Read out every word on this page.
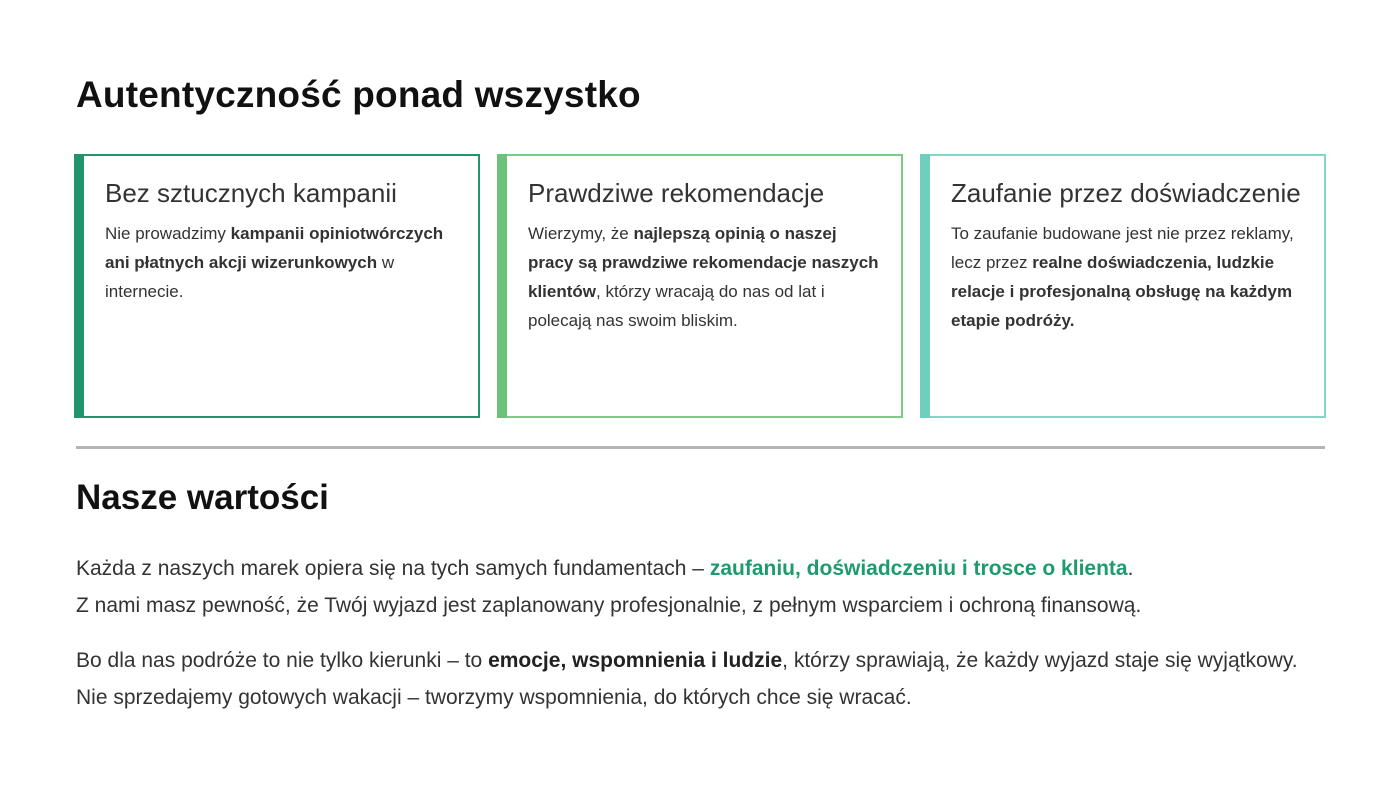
Autentyczność ponad wszystko
Bez sztucznych kampanii

Nie prowadzimy kampanii opiniotwórczych ani płatnych akcji wizerunkowych w internecie.

Prawdziwe rekomendacje

Wierzymy, że najlepszą opinią o naszej pracy są prawdziwe rekomendacje naszych klientów, którzy wracają do nas od lat i polecają nas swoim bliskim.

Zaufanie przez doświadczenie

To zaufanie budowane jest nie przez reklamy, lecz przez realne doświadczenia, ludzkie relacje i profesjonalną obsługę na każdym etapie podróży.

Nasze wartości

Każda z naszych marek opiera się na tych samych fundamentach – zaufaniu, doświadczeniu i trosce o klienta.
Z nami masz pewność, że Twój wyjazd jest zaplanowany profesjonalnie, z pełnym wsparciem i ochroną finansową.

Bo dla nas podróże to nie tylko kierunki – to emocje, wspomnienia i ludzie, którzy sprawiają, że każdy wyjazd staje się wyjątkowy. Nie sprzedajemy gotowych wakacji – tworzymy wspomnienia, do których chce się wracać.
